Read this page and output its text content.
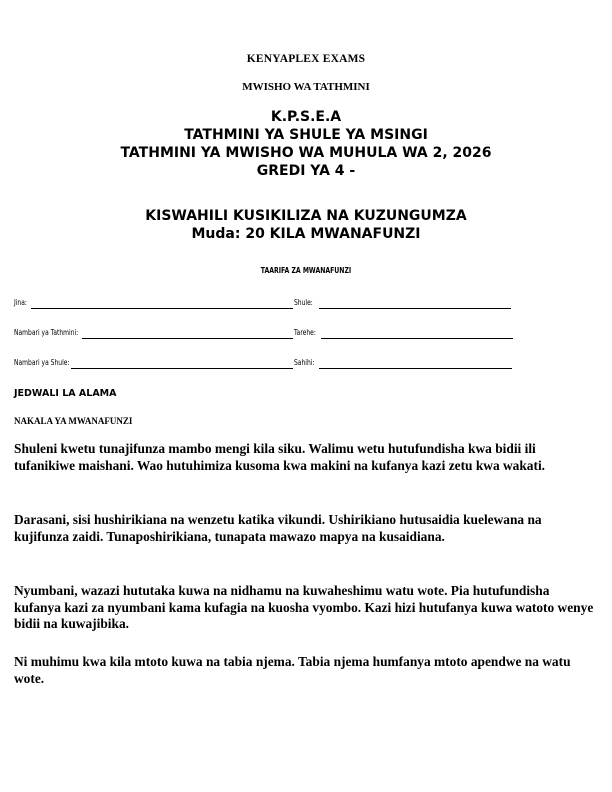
KENYAPLEX EXAMS
MWISHO WA TATHMINI
K.P.S.E.A
TATHMINI YA SHULE YA MSINGI
TATHMINI YA MWISHO WA MUHULA WA 2, 2026
GREDI YA 4 -
KISWAHILI KUSIKILIZA NA KUZUNGUMZA
Muda: 20 KILA MWANAFUNZI
TAARIFA ZA MWANAFUNZI
Jina:	Shule:
Nambari ya Tathmini:	Tarehe:
Nambari ya Shule:	Sahihi:
JEDWALI LA ALAMA
NAKALA YA MWANAFUNZI

Shuleni kwetu tunajifunza mambo mengi kila siku. Walimu wetu hutufundisha kwa bidii ili tufanikiwe maishani. Wao hutuhimiza kusoma kwa makini na kufanya kazi zetu kwa wakati.

Darasani, sisi hushirikiana na wenzetu katika vikundi. Ushirikiano hutusaidia kuelewana na kujifunza zaidi. Tunaposhirikiana, tunapata mawazo mapya na kusaidiana.

Nyumbani, wazazi hututaka kuwa na nidhamu na kuwaheshimu watu wote. Pia hutufundisha kufanya kazi za nyumbani kama kufagia na kuosha vyombo. Kazi hizi hutufanya kuwa watoto wenye bidii na kuwajibika.

Ni muhimu kwa kila mtoto kuwa na tabia njema. Tabia njema humfanya mtoto apendwe na watu wote.
